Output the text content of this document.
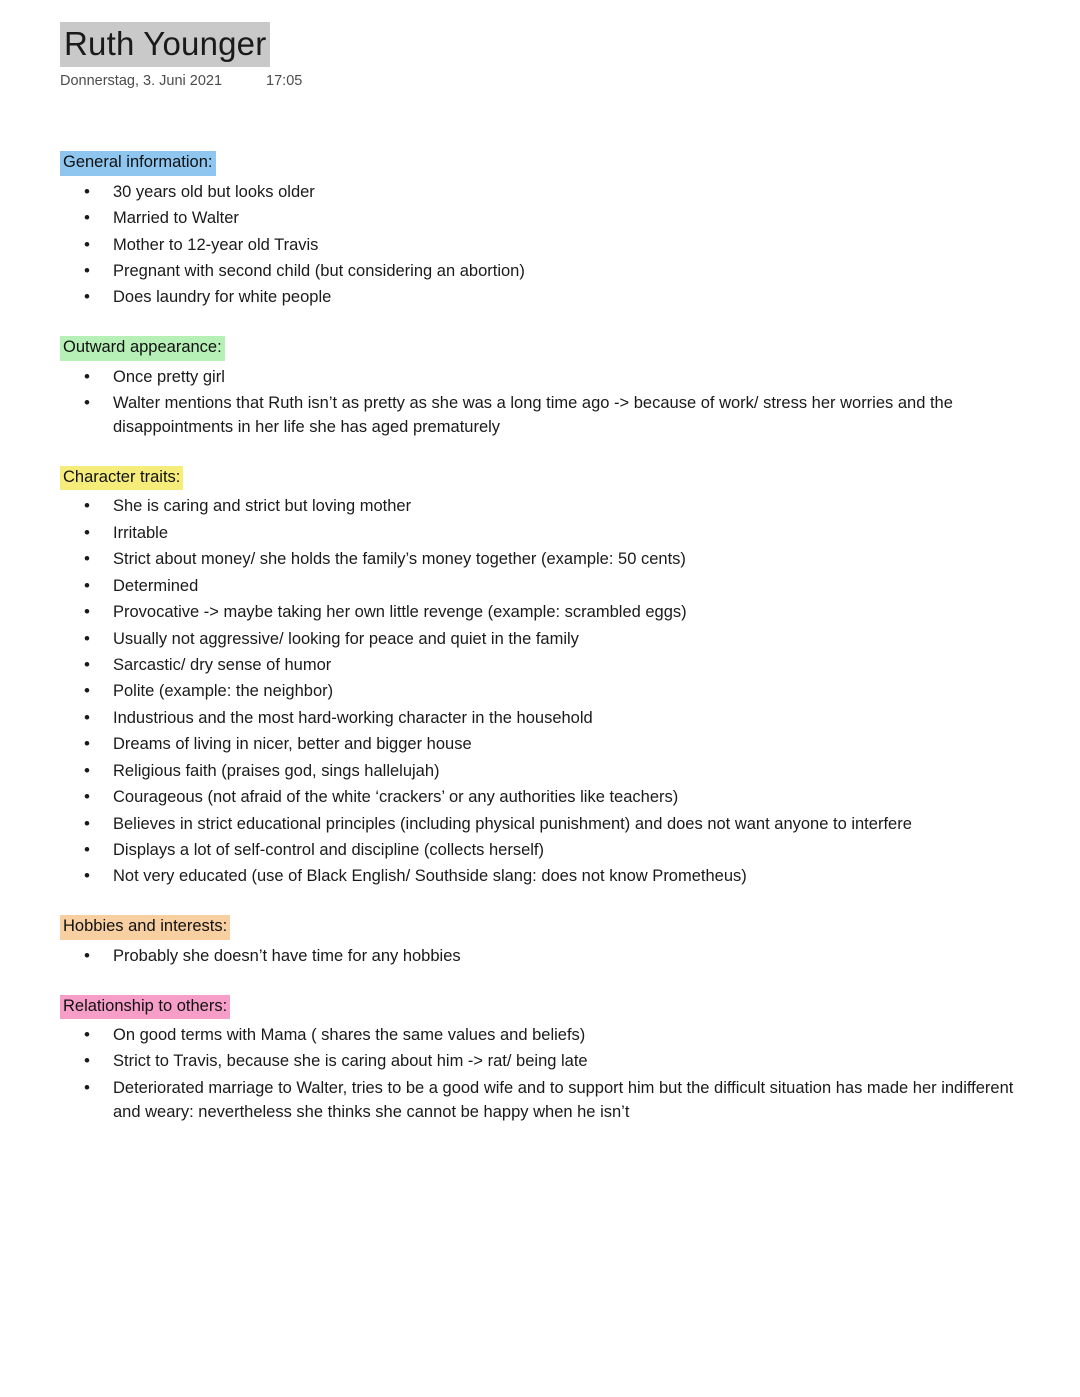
Ruth Younger
Donnerstag, 3. Juni 2021	17:05
General information:
• 30 years old but looks older
• Married to Walter
• Mother to 12-year old Travis
• Pregnant with second child (but considering an abortion)
• Does laundry for white people
Outward appearance:
• Once pretty girl
• Walter mentions that Ruth isn’t as pretty as she was a long time ago -> because of work/ stress her worries and the disappointments in her life she has aged prematurely
Character traits:
• She is caring and strict but loving mother
• Irritable
• Strict about money/ she holds the family’s money together (example: 50 cents)
• Determined
• Provocative -> maybe taking her own little revenge (example: scrambled eggs)
• Usually not aggressive/ looking for peace and quiet in the family
• Sarcastic/ dry sense of humor
• Polite (example: the neighbor)
• Industrious and the most hard-working character in the household
• Dreams of living in nicer, better and bigger house
• Religious faith (praises god, sings hallelujah)
• Courageous (not afraid of the white ‘crackers’ or any authorities like teachers)
• Believes in strict educational principles (including physical punishment) and does not want anyone to interfere
• Displays a lot of self-control and discipline (collects herself)
• Not very educated (use of Black English/ Southside slang: does not know Prometheus)
Hobbies and interests:
• Probably she doesn’t have time for any hobbies
Relationship to others:
• On good terms with Mama ( shares the same values and beliefs)
• Strict to Travis, because she is caring about him -> rat/ being late
• Deteriorated marriage to Walter, tries to be a good wife and to support him but the difficult situation has made her indifferent and weary: nevertheless she thinks she cannot be happy when he isn’t
